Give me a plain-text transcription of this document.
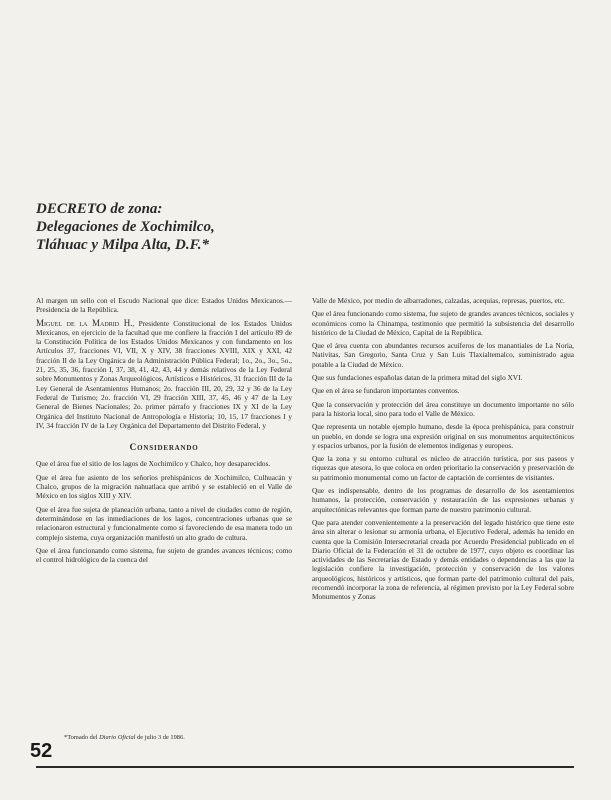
DECRETO de zona:
Delegaciones de Xochimilco,
Tláhuac y Milpa Alta, D.F.*

Al margen un sello con el Escudo Nacional que dice: Estados Unidos Mexicanos.—Presidencia de la República.

Miguel de la Madrid H., Presidente Constitucional de los Estados Unidos Mexicanos, en ejercicio de la facultad que me confiere la fracción I del artículo 89 de la Constitución Política de los Estados Unidos Mexicanos y con fundamento en los Artículos 37, fracciones VI, VII, X y XIV, 38 fracciones XVIII, XIX y XXI, 42 fracción II de la Ley Orgánica de la Administración Pública Federal; 1o., 2o., 3o., 5o., 21, 25, 35, 36, fracción I, 37, 38, 41, 42, 43, 44 y demás relativos de la Ley Federal sobre Monumentos y Zonas Arqueológicos, Artísticos e Históricos, 31 fracción III de la Ley General de Asentamientos Humanos; 2o. fracción III, 20, 29, 32 y 36 de la Ley Federal de Turismo; 2o. fracción VI, 29 fracción XIII, 37, 45, 46 y 47 de la Ley General de Bienes Nacionales; 2o. primer párrafo y fracciones IX y XI de la Ley Orgánica del Instituto Nacional de Antropología e Historia; 10, 15, 17 fracciones I y IV, 34 fracción IV de la Ley Orgánica del Departamento del Distrito Federal, y

Considerando

Que el área fue el sitio de los lagos de Xochimilco y Chalco, hoy desaparecidos.

Que el área fue asiento de los señoríos prehispánicos de Xochimilco, Culhuacán y Chalco, grupos de la migración nahuatlaca que arribó y se estableció en el Valle de México en los siglos XIII y XIV.

Que el área fue sujeta de planeación urbana, tanto a nivel de ciudades como de región, determinándose en las inmediaciones de los lagos, concentraciones urbanas que se relacionaron estructural y funcionalmente como sí favoreciendo de esa manera todo un complejo sistema, cuya organización manifestó un alto grado de cultura.

Que el área funcionando como sistema, fue sujeto de grandes avances técnicos; como el control hidrológico de la cuenca del

Valle de México, por medio de albarradones, calzadas, acequias, represas, puertos, etc.

Que el área funcionando como sistema, fue sujeto de grandes avances técnicos, sociales y económicos como la Chinampa, testimonio que permitió la subsistencia del desarrollo histórico de la Ciudad de México, Capital de la República.

Que el área cuenta con abundantes recursos acuíferos de los manantiales de La Noria, Nativitas, San Gregorio, Santa Cruz y San Luis Tlaxialtemalco, suministrado agua potable a la Ciudad de México.

Que sus fundaciones españolas datan de la primera mitad del siglo XVI.

Que en el área se fundaron importantes conventos.

Que la conservación y protección del área constituye un documento importante no sólo para la historia local, sino para todo el Valle de México.

Que representa un notable ejemplo humano, desde la época prehispánica, para construir un pueblo, en donde se logra una expresión original en sus monumentos arquitectónicos y espacios urbanos, por la fusión de elementos indígenas y europeos.

Que la zona y su entorno cultural es núcleo de atracción turística, por sus paseos y riquezas que atesora, lo que coloca en orden prioritario la conservación y preservación de su patrimonio monumental como un factor de captación de corrientes de visitantes.

Que es indispensable, dentro de los programas de desarrollo de los asentamientos humanos, la protección, conservación y restauración de las expresiones urbanas y arquitectónicas relevantes que forman parte de nuestro patrimonio cultural.

Que para atender convenientemente a la preservación del legado histórico que tiene este área sin alterar o lesionar su armonía urbana, el Ejecutivo Federal, además ha tenido en cuenta que la Comisión Intersecretarial creada por Acuerdo Presidencial publicado en el Diario Oficial de la Federación el 31 de octubre de 1977, cuyo objeto es coordinar las actividades de las Secretarías de Estado y demás entidades o dependencias a las que la legislación confiere la investigación, protección y conservación de los valores arqueológicos, históricos y artísticos, que forman parte del patrimonio cultural del país, recomendó incorporar la zona de referencia, al régimen previsto por la Ley Federal sobre Monumentos y Zonas

*Tomado del Diario Oficial de julio 3 de 1986.
52
